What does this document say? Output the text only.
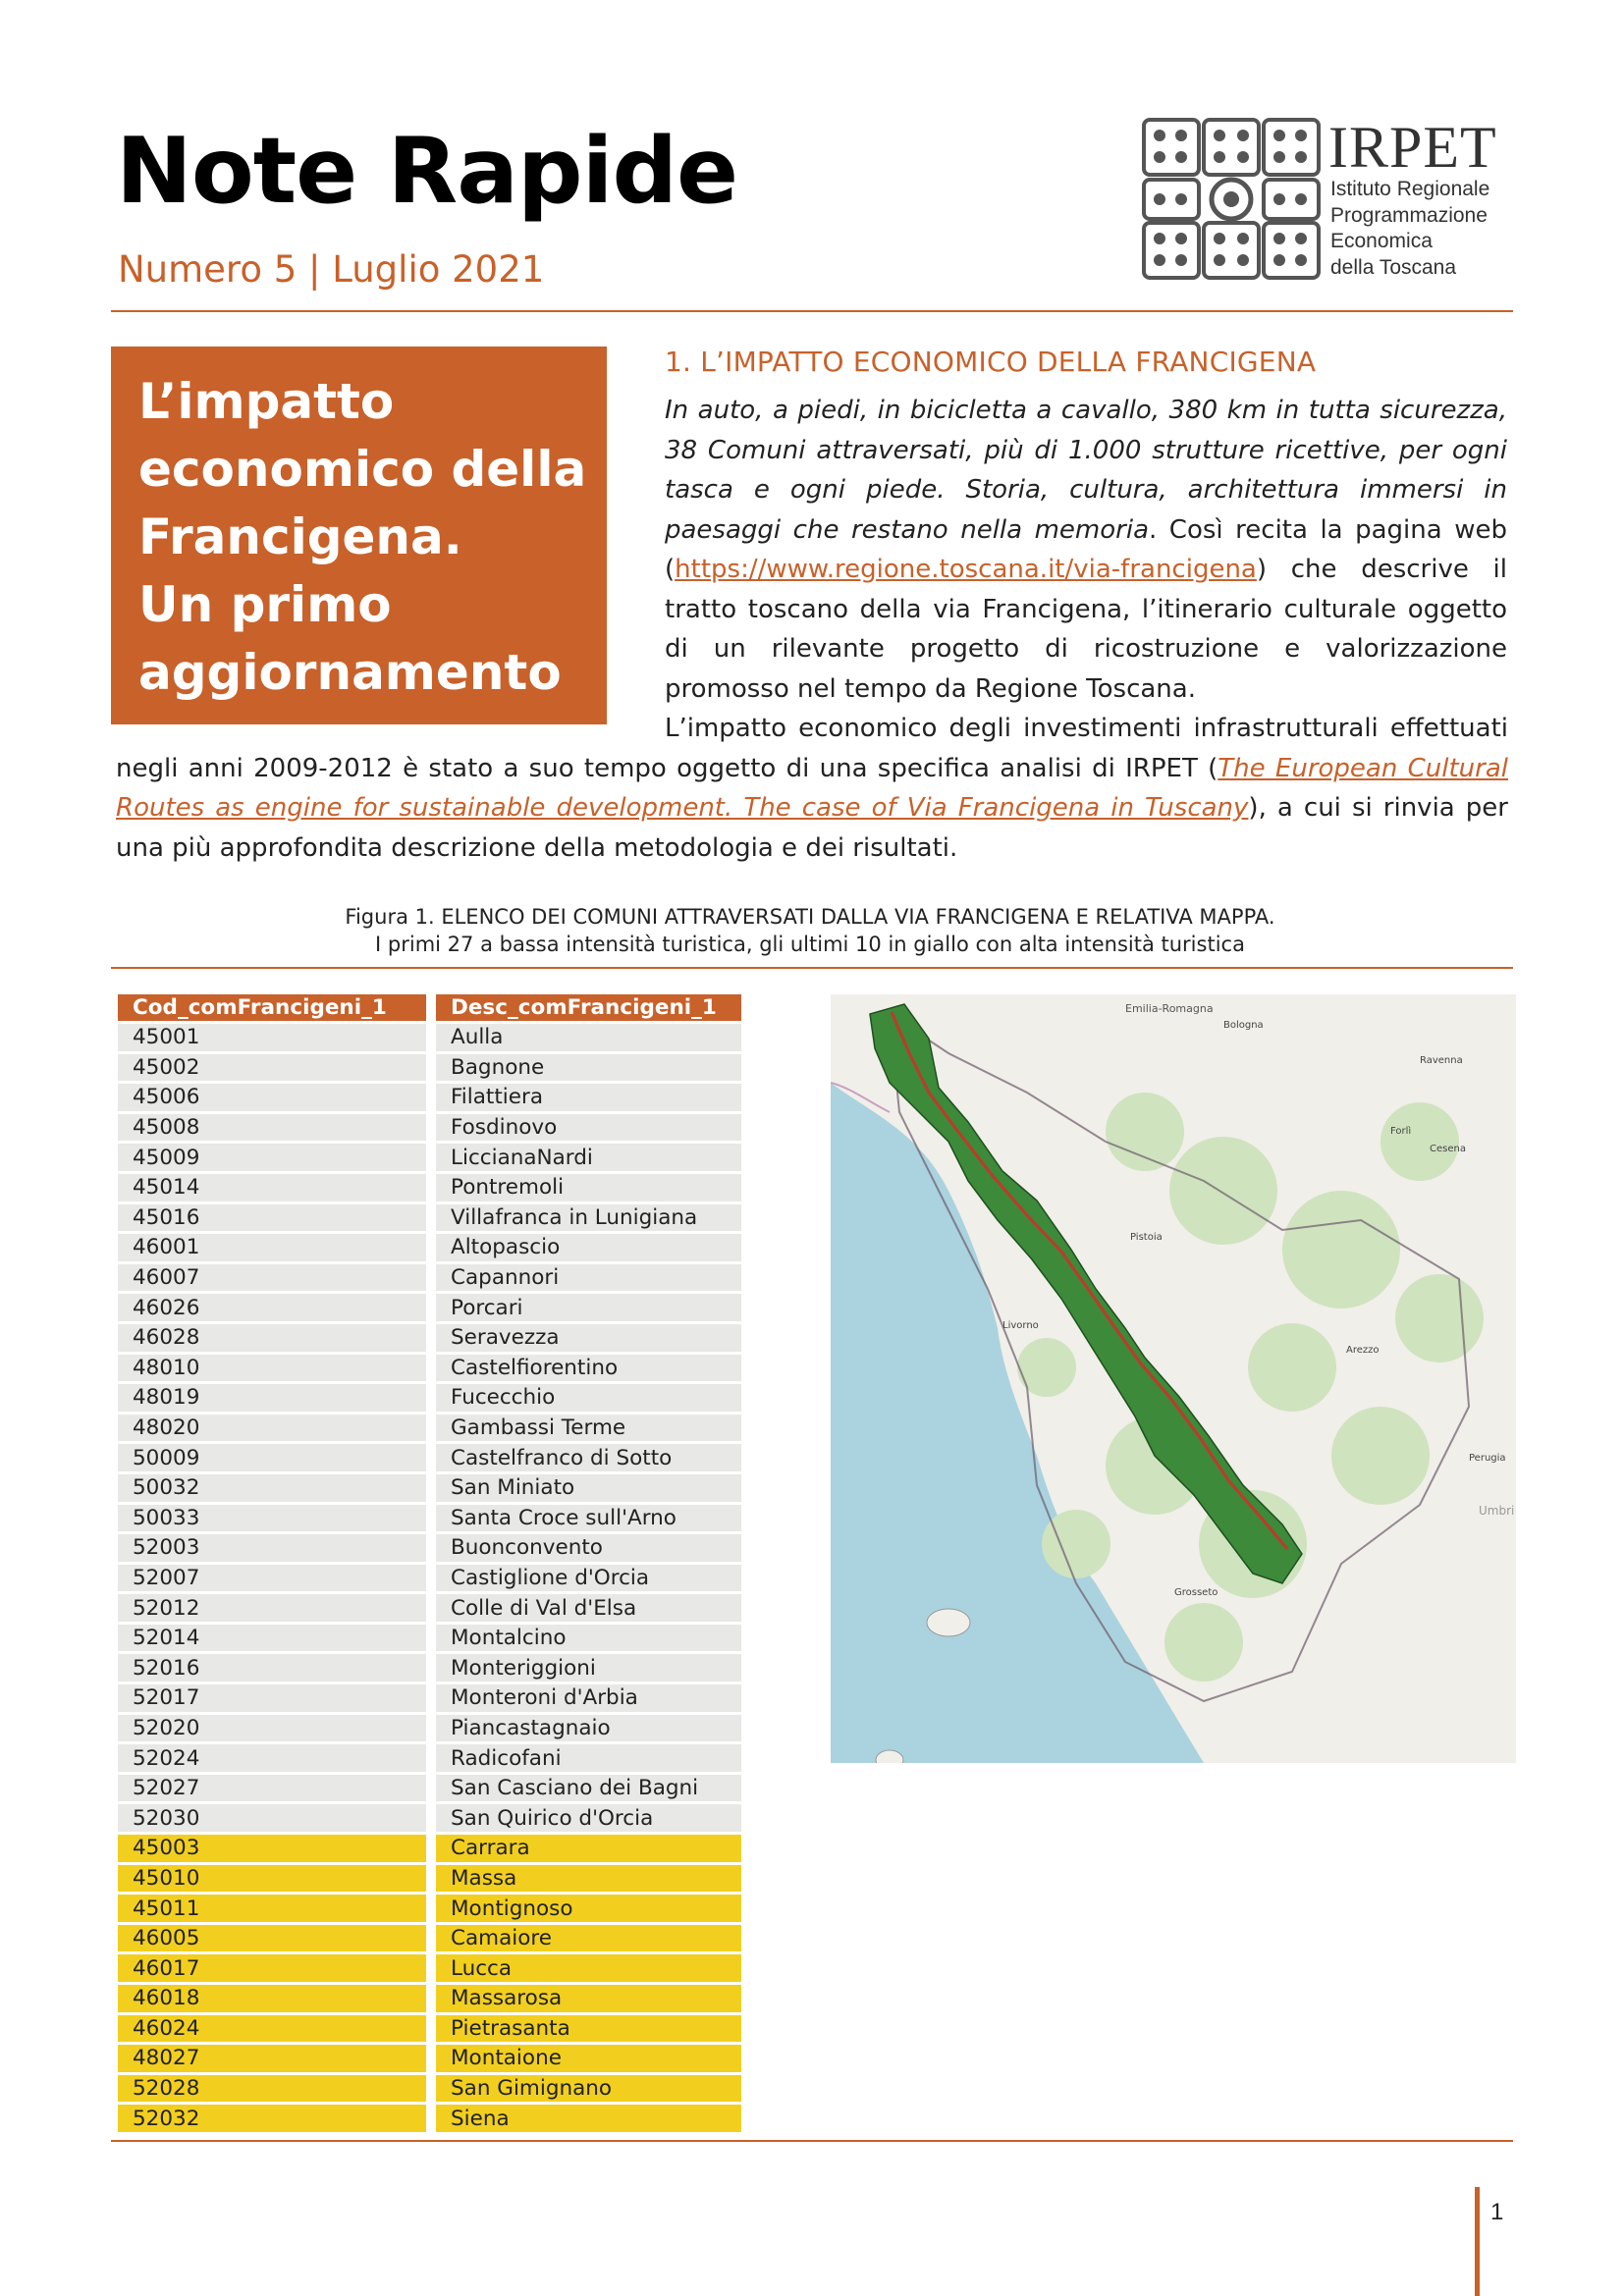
Note Rapide
Numero 5 | Luglio 2021
IRPET
Istituto Regionale
Programmazione
Economica
della Toscana
L’impatto
economico della
Francigena.
Un primo
aggiornamento
1. L’IMPATTO ECONOMICO DELLA FRANCIGENA
In auto, a piedi, in bicicletta a cavallo, 380 km in tutta sicurezza, 38 Comuni attraversati, più di 1.000 strutture ricettive, per ogni tasca e ogni piede. Storia, cultura, architettura immersi in paesaggi che restano nella memoria. Così recita la pagina web (https://www.regione.toscana.it/via-francigena) che descrive il tratto toscano della via Francigena, l’itinerario culturale oggetto di un rilevante progetto di ricostruzione e valorizzazione promosso nel tempo da Regione Toscana.
L’impatto economico degli investimenti infrastrutturali effettuati negli anni 2009-2012 è stato a suo tempo oggetto di una specifica analisi di IRPET (The European Cultural Routes as engine for sustainable development. The case of Via Francigena in Tuscany), a cui si rinvia per una più approfondita descrizione della metodologia e dei risultati.
Figura 1. ELENCO DEI COMUNI ATTRAVERSATI DALLA VIA FRANCIGENA E RELATIVA MAPPA.
I primi 27 a bassa intensità turistica, gli ultimi 10 in giallo con alta intensità turistica
Cod_comFrancigeni_1		Desc_comFrancigeni_1
45001		Aulla
45002		Bagnone
45006		Filattiera
45008		Fosdinovo
45009		LiccianaNardi
45014		Pontremoli
45016		Villafranca in Lunigiana
46001		Altopascio
46007		Capannori
46026		Porcari
46028		Seravezza
48010		Castelfiorentino
48019		Fucecchio
48020		Gambassi Terme
50009		Castelfranco di Sotto
50032		San Miniato
50033		Santa Croce sull'Arno
52003		Buonconvento
52007		Castiglione d'Orcia
52012		Colle di Val d'Elsa
52014		Montalcino
52016		Monteriggioni
52017		Monteroni d'Arbia
52020		Piancastagnaio
52024		Radicofani
52027		San Casciano dei Bagni
52030		San Quirico d'Orcia
45003		Carrara
45010		Massa
45011		Montignoso
46005		Camaiore
46017		Lucca
46018		Massarosa
46024		Pietrasanta
48027		Montaione
52028		San Gimignano
52032		Siena
Emilia-Romagna
Bologna
Ravenna
Forlì
Cesena
Pistoia
Livorno
Arezzo
Perugia
Umbri
Grosseto
1
